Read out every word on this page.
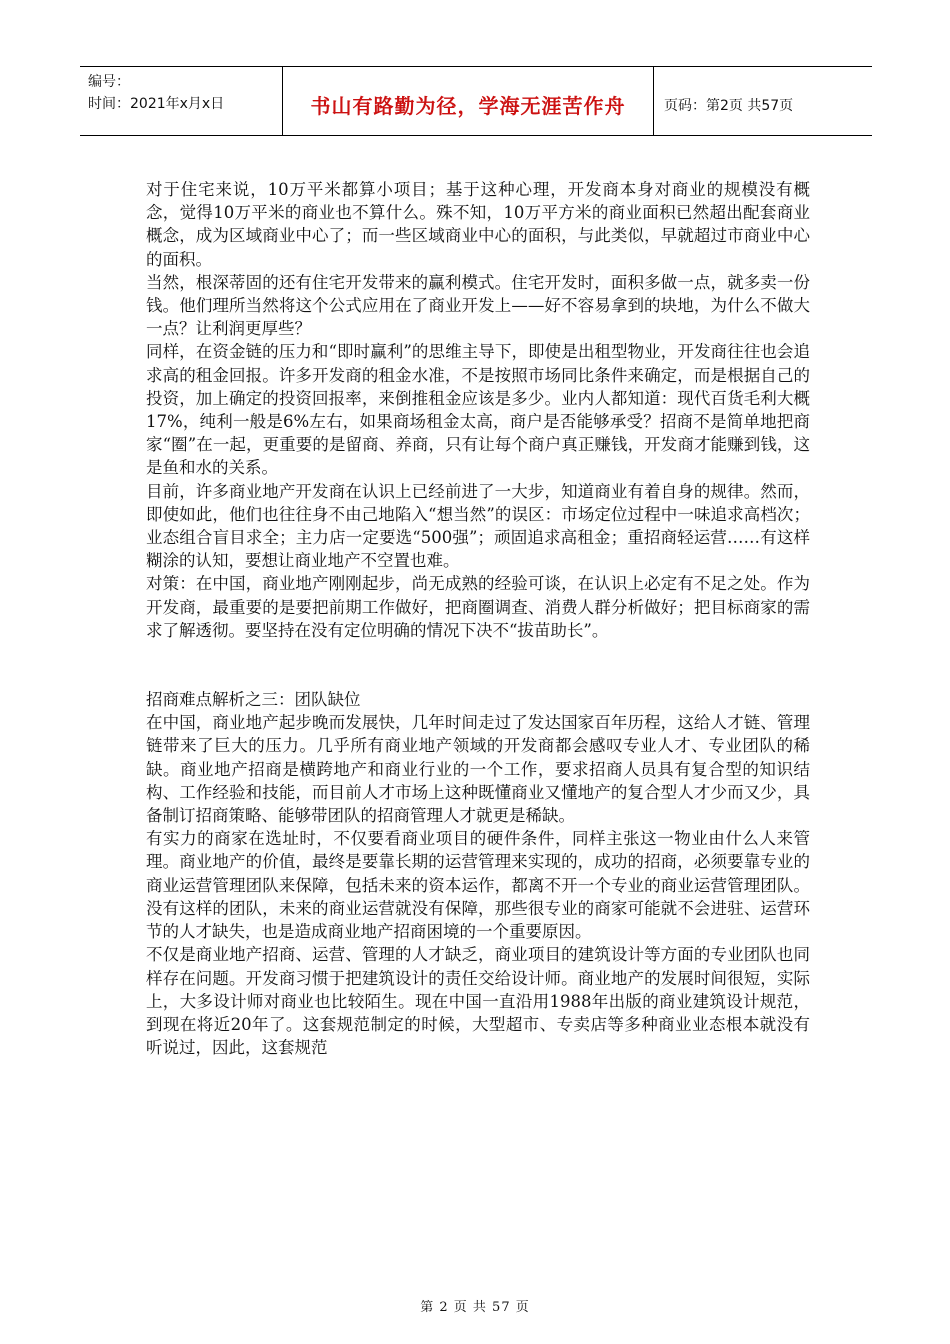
编号：
时间：2021年x月x日	书山有路勤为径，学海无涯苦作舟	页码：第2页 共57页

对于住宅来说，10万平米都算小项目；基于这种心理，开发商本身对商业的规模没有概念，觉得10万平米的商业也不算什么。殊不知，10万平方米的商业面积已然超出配套商业概念，成为区域商业中心了；而一些区域商业中心的面积，与此类似，早就超过市商业中心的面积。

当然，根深蒂固的还有住宅开发带来的赢利模式。住宅开发时，面积多做一点，就多卖一份钱。他们理所当然将这个公式应用在了商业开发上——好不容易拿到的块地，为什么不做大一点？让利润更厚些？

同样，在资金链的压力和“即时赢利”的思维主导下，即使是出租型物业，开发商往往也会追求高的租金回报。许多开发商的租金水准，不是按照市场同比条件来确定，而是根据自己的投资，加上确定的投资回报率，来倒推租金应该是多少。业内人都知道：现代百货毛利大概17%，纯利一般是6%左右，如果商场租金太高，商户是否能够承受？招商不是简单地把商家“圈”在一起，更重要的是留商、养商，只有让每个商户真正赚钱，开发商才能赚到钱，这是鱼和水的关系。

目前，许多商业地产开发商在认识上已经前进了一大步，知道商业有着自身的规律。然而，即使如此，他们也往往身不由己地陷入“想当然”的误区：市场定位过程中一味追求高档次；业态组合盲目求全；主力店一定要选“500强”；顽固追求高租金；重招商轻运营……有这样糊涂的认知，要想让商业地产不空置也难。

对策：在中国，商业地产刚刚起步，尚无成熟的经验可谈，在认识上必定有不足之处。作为开发商，最重要的是要把前期工作做好，把商圈调查、消费人群分析做好；把目标商家的需求了解透彻。要坚持在没有定位明确的情况下决不“拔苗助长”。

招商难点解析之三：团队缺位

在中国，商业地产起步晚而发展快，几年时间走过了发达国家百年历程，这给人才链、管理链带来了巨大的压力。几乎所有商业地产领域的开发商都会感叹专业人才、专业团队的稀缺。商业地产招商是横跨地产和商业行业的一个工作，要求招商人员具有复合型的知识结构、工作经验和技能，而目前人才市场上这种既懂商业又懂地产的复合型人才少而又少，具备制订招商策略、能够带团队的招商管理人才就更是稀缺。

有实力的商家在选址时，不仅要看商业项目的硬件条件，同样主张这一物业由什么人来管理。商业地产的价值，最终是要靠长期的运营管理来实现的，成功的招商，必须要靠专业的商业运营管理团队来保障，包括未来的资本运作，都离不开一个专业的商业运营管理团队。没有这样的团队，未来的商业运营就没有保障，那些很专业的商家可能就不会进驻、运营环节的人才缺失，也是造成商业地产招商困境的一个重要原因。

不仅是商业地产招商、运营、管理的人才缺乏，商业项目的建筑设计等方面的专业团队也同样存在问题。开发商习惯于把建筑设计的责任交给设计师。商业地产的发展时间很短，实际上，大多设计师对商业也比较陌生。现在中国一直沿用1988年出版的商业建筑设计规范，到现在将近20年了。这套规范制定的时候，大型超市、专卖店等多种商业业态根本就没有听说过，因此，这套规范

第 2 页 共 57 页
